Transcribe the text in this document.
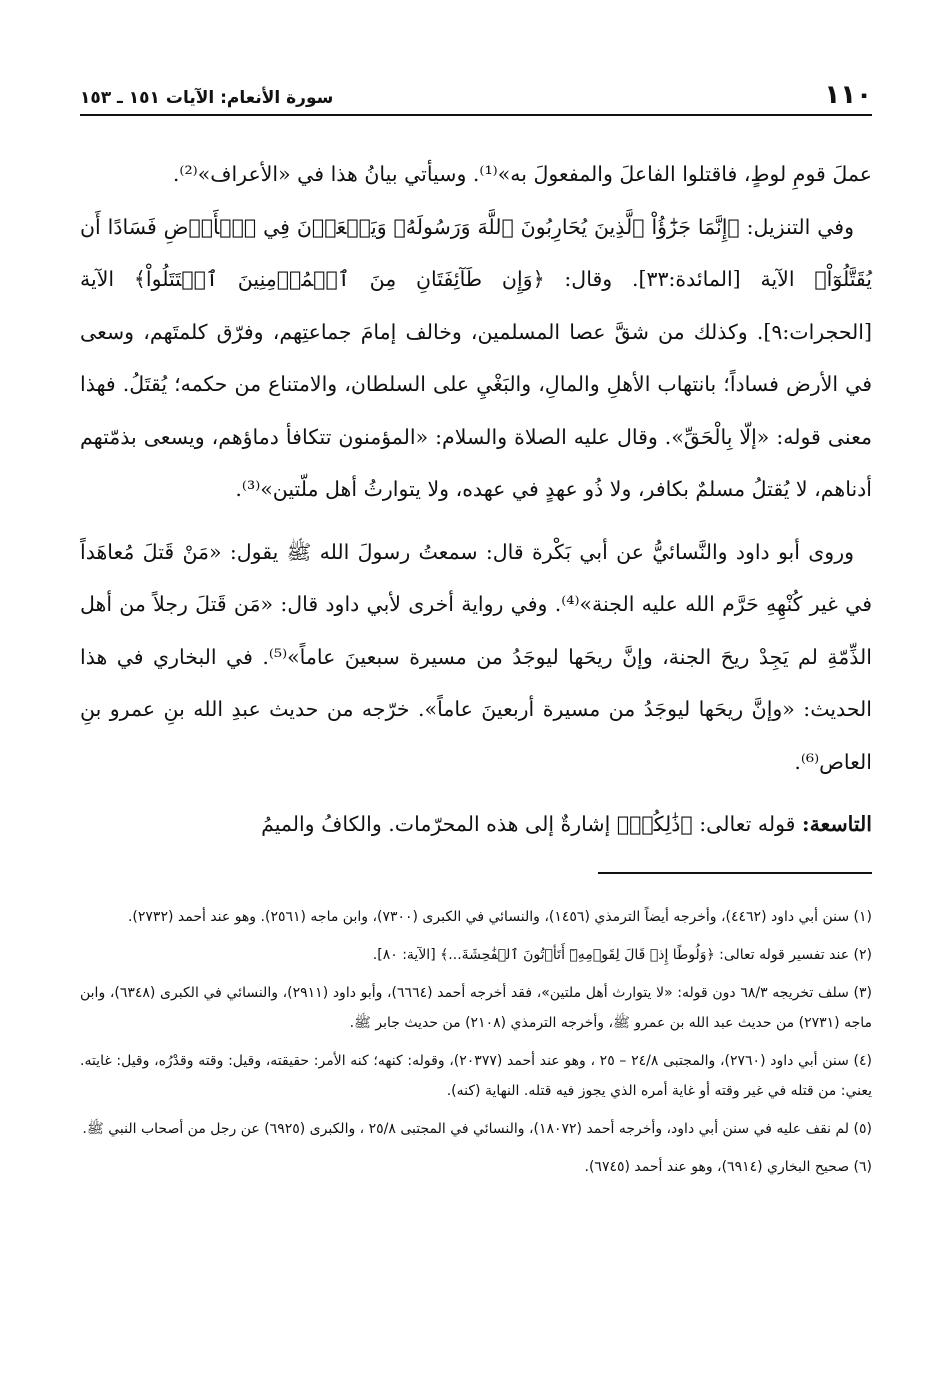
١١٠
سورة الأنعام: الآيات ١٥١ ـ ١٥٣

عملَ قومِ لوطٍ، فاقتلوا الفاعلَ والمفعولَ به»⁽¹⁾. وسيأتي بيانُ هذا في «الأعراف»⁽²⁾.

وفي التنزيل: ﴿إِنَّمَا جَزَٰٓؤُاْ ٱلَّذِينَ يُحَارِبُونَ ٱللَّهَ وَرَسُولَهُۥ وَيَسۡعَوۡنَ فِي ٱلۡأَرۡضِ فَسَادًا أَن يُقَتَّلُوٓاْ﴾ الآية [المائدة:٣٣]. وقال: ﴿وَإِن طَآئِفَتَانِ مِنَ ٱلۡمُؤۡمِنِينَ ٱقۡتَتَلُواْ﴾ الآية [الحجرات:٩]. وكذلك من شقَّ عصا المسلمين، وخالف إمامَ جماعتِهم، وفرّق كلمتَهم، وسعى في الأرض فساداً؛ بانتهاب الأهلِ والمالِ، والبَغْيِ على السلطان، والامتناع من حكمه؛ يُقتَلُ. فهذا معنى قوله: «إلّا بِالْحَقِّ». وقال عليه الصلاة والسلام: «المؤمنون تتكافأ دماؤهم، ويسعى بذمّتهم أدناهم، لا يُقتلُ مسلمٌ بكافر، ولا ذُو عهدٍ في عهده، ولا يتوارثُ أهل ملّتين»⁽³⁾.

وروى أبو داود والنَّسائيُّ عن أبي بَكْرة قال: سمعتُ رسولَ الله ﷺ يقول: «مَنْ قَتلَ مُعاهَداً في غير كُنْهِهِ حَرَّم الله عليه الجنة»⁽⁴⁾. وفي رواية أخرى لأبي داود قال: «مَن قَتلَ رجلاً من أهل الذِّمّةِ لم يَجِدْ ريحَ الجنة، وإنَّ ريحَها ليوجَدُ من مسيرة سبعينَ عاماً»⁽⁵⁾. في البخاري في هذا الحديث: «وإنَّ ريحَها ليوجَدُ من مسيرة أربعينَ عاماً». خرّجه من حديث عبدِ الله بنِ عمرو بنِ العاص⁽⁶⁾.

التاسعة: قوله تعالى: ﴿ذَٰلِكُمۡ﴾ إشارةٌ إلى هذه المحرّمات. والكافُ والميمُ

(١) سنن أبي داود (٤٤٦٢)، وأخرجه أيضاً الترمذي (١٤٥٦)، والنسائي في الكبرى (٧٣٠٠)، وابن ماجه (٢٥٦١). وهو عند أحمد (٢٧٣٢).

(٢) عند تفسير قوله تعالى: ﴿وَلُوطًا إِذۡ قَالَ لِقَوۡمِهِۦٓ أَتَأۡتُونَ ٱلۡفَٰحِشَةَ...﴾ [الآية: ٨٠].

(٣) سلف تخريجه ٦٨/٣ دون قوله: «لا يتوارث أهل ملتين»، فقد أخرجه أحمد (٦٦٦٤)، وأبو داود (٢٩١١)، والنسائي في الكبرى (٦٣٤٨)، وابن ماجه (٢٧٣١) من حديث عبد الله بن عمرو ﷺ، وأخرجه الترمذي (٢١٠٨) من حديث جابر ﷺ.

(٤) سنن أبي داود (٢٧٦٠)، والمجتبى ٢٤/٨ – ٢٥ ، وهو عند أحمد (٢٠٣٧٧)، وقوله: كنهه؛ كنه الأمر: حقيقته، وقيل: وقته وقدْرُه، وقيل: غايته. يعني: من قتله في غير وقته أو غاية أمره الذي يجوز فيه قتله. النهاية (كنه).

(٥) لم نقف عليه في سنن أبي داود، وأخرجه أحمد (١٨٠٧٢)، والنسائي في المجتبى ٢٥/٨ ، والكبرى (٦٩٢٥) عن رجل من أصحاب النبي ﷺ.

(٦) صحيح البخاري (٦٩١٤)، وهو عند أحمد (٦٧٤٥).
